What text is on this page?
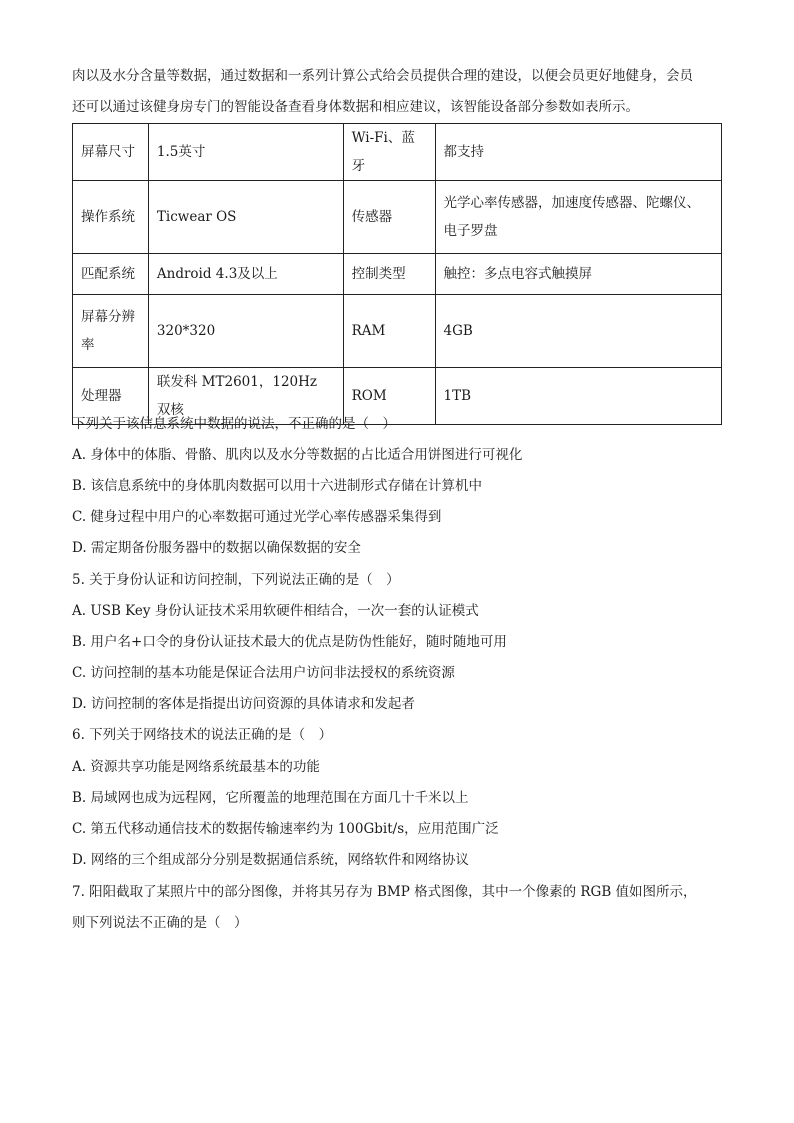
肉以及水分含量等数据，通过数据和一系列计算公式给会员提供合理的建设，以便会员更好地健身，会员
还可以通过该健身房专门的智能设备查看身体数据和相应建议，该智能设备部分参数如表所示。
屏幕尺寸	1.5英寸	Wi-Fi、蓝牙	都支持
操作系统	Ticwear OS	传感器	光学心率传感器，加速度传感器、陀螺仪、电子罗盘
匹配系统	Android 4.3及以上	控制类型	触控：多点电容式触摸屏
屏幕分辨率	320*320	RAM	4GB
处理器	联发科 MT2601，120Hz 双核	ROM	1TB
下列关于该信息系统中数据的说法，不正确的是（　）
A. 身体中的体脂、骨骼、肌肉以及水分等数据的占比适合用饼图进行可视化
B. 该信息系统中的身体肌肉数据可以用十六进制形式存储在计算机中
C. 健身过程中用户的心率数据可通过光学心率传感器采集得到
D. 需定期备份服务器中的数据以确保数据的安全
5. 关于身份认证和访问控制，下列说法正确的是（　）
A. USB Key 身份认证技术采用软硬件相结合，一次一套的认证模式
B. 用户名+口令的身份认证技术最大的优点是防伪性能好，随时随地可用
C. 访问控制的基本功能是保证合法用户访问非法授权的系统资源
D. 访问控制的客体是指提出访问资源的具体请求和发起者
6. 下列关于网络技术的说法正确的是（　）
A. 资源共享功能是网络系统最基本的功能
B. 局域网也成为远程网，它所覆盖的地理范围在方面几十千米以上
C. 第五代移动通信技术的数据传输速率约为 100Gbit/s，应用范围广泛
D. 网络的三个组成部分分别是数据通信系统，网络软件和网络协议
7. 阳阳截取了某照片中的部分图像，并将其另存为 BMP 格式图像，其中一个像素的 RGB 值如图所示，
则下列说法不正确的是（　）
